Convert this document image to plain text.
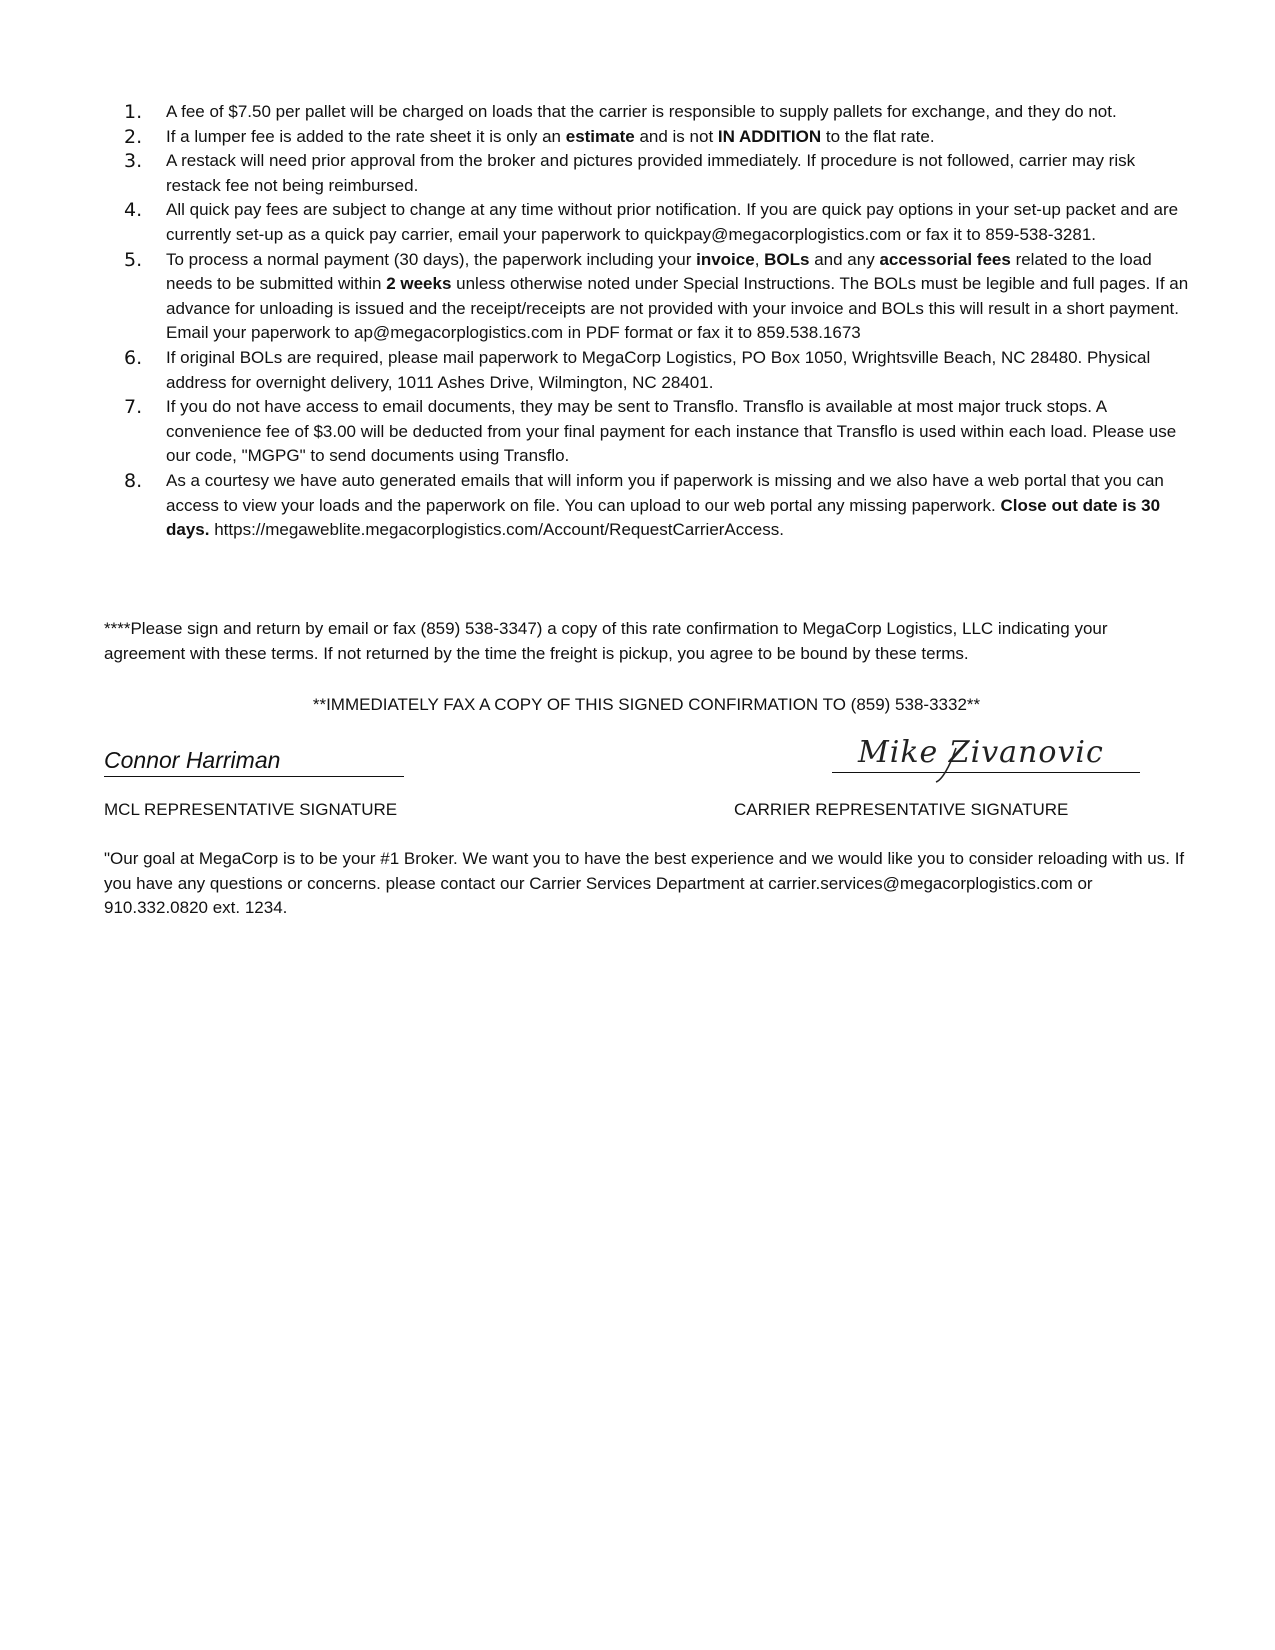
1. A fee of $7.50 per pallet will be charged on loads that the carrier is responsible to supply pallets for exchange, and they do not.
2. If a lumper fee is added to the rate sheet it is only an estimate and is not IN ADDITION to the flat rate.
3. A restack will need prior approval from the broker and pictures provided immediately. If procedure is not followed, carrier may risk restack fee not being reimbursed.
4. All quick pay fees are subject to change at any time without prior notification. If you are quick pay options in your set-up packet and are currently set-up as a quick pay carrier, email your paperwork to quickpay@megacorplogistics.com or fax it to 859-538-3281.
5. To process a normal payment (30 days), the paperwork including your invoice, BOLs and any accessorial fees related to the load needs to be submitted within 2 weeks unless otherwise noted under Special Instructions. The BOLs must be legible and full pages. If an advance for unloading is issued and the receipt/receipts are not provided with your invoice and BOLs this will result in a short payment. Email your paperwork to ap@megacorplogistics.com in PDF format or fax it to 859.538.1673
6. If original BOLs are required, please mail paperwork to MegaCorp Logistics, PO Box 1050, Wrightsville Beach, NC 28480. Physical address for overnight delivery, 1011 Ashes Drive, Wilmington, NC 28401.
7. If you do not have access to email documents, they may be sent to Transflo. Transflo is available at most major truck stops. A convenience fee of $3.00 will be deducted from your final payment for each instance that Transflo is used within each load. Please use our code, "MGPG" to send documents using Transflo.
8. As a courtesy we have auto generated emails that will inform you if paperwork is missing and we also have a web portal that you can access to view your loads and the paperwork on file. You can upload to our web portal any missing paperwork. Close out date is 30 days. https://megaweblite.megacorplogistics.com/Account/RequestCarrierAccess.

****Please sign and return by email or fax (859) 538-3347) a copy of this rate confirmation to MegaCorp Logistics, LLC indicating your agreement with these terms. If not returned by the time the freight is pickup, you agree to be bound by these terms.

**IMMEDIATELY FAX A COPY OF THIS SIGNED CONFIRMATION TO (859) 538-3332**

Connor Harriman	Mike Zivanovic
MCL REPRESENTATIVE SIGNATURE	CARRIER REPRESENTATIVE SIGNATURE

"Our goal at MegaCorp is to be your #1 Broker. We want you to have the best experience and we would like you to consider reloading with us. If you have any questions or concerns. please contact our Carrier Services Department at carrier.services@megacorplogistics.com or 910.332.0820 ext. 1234.
